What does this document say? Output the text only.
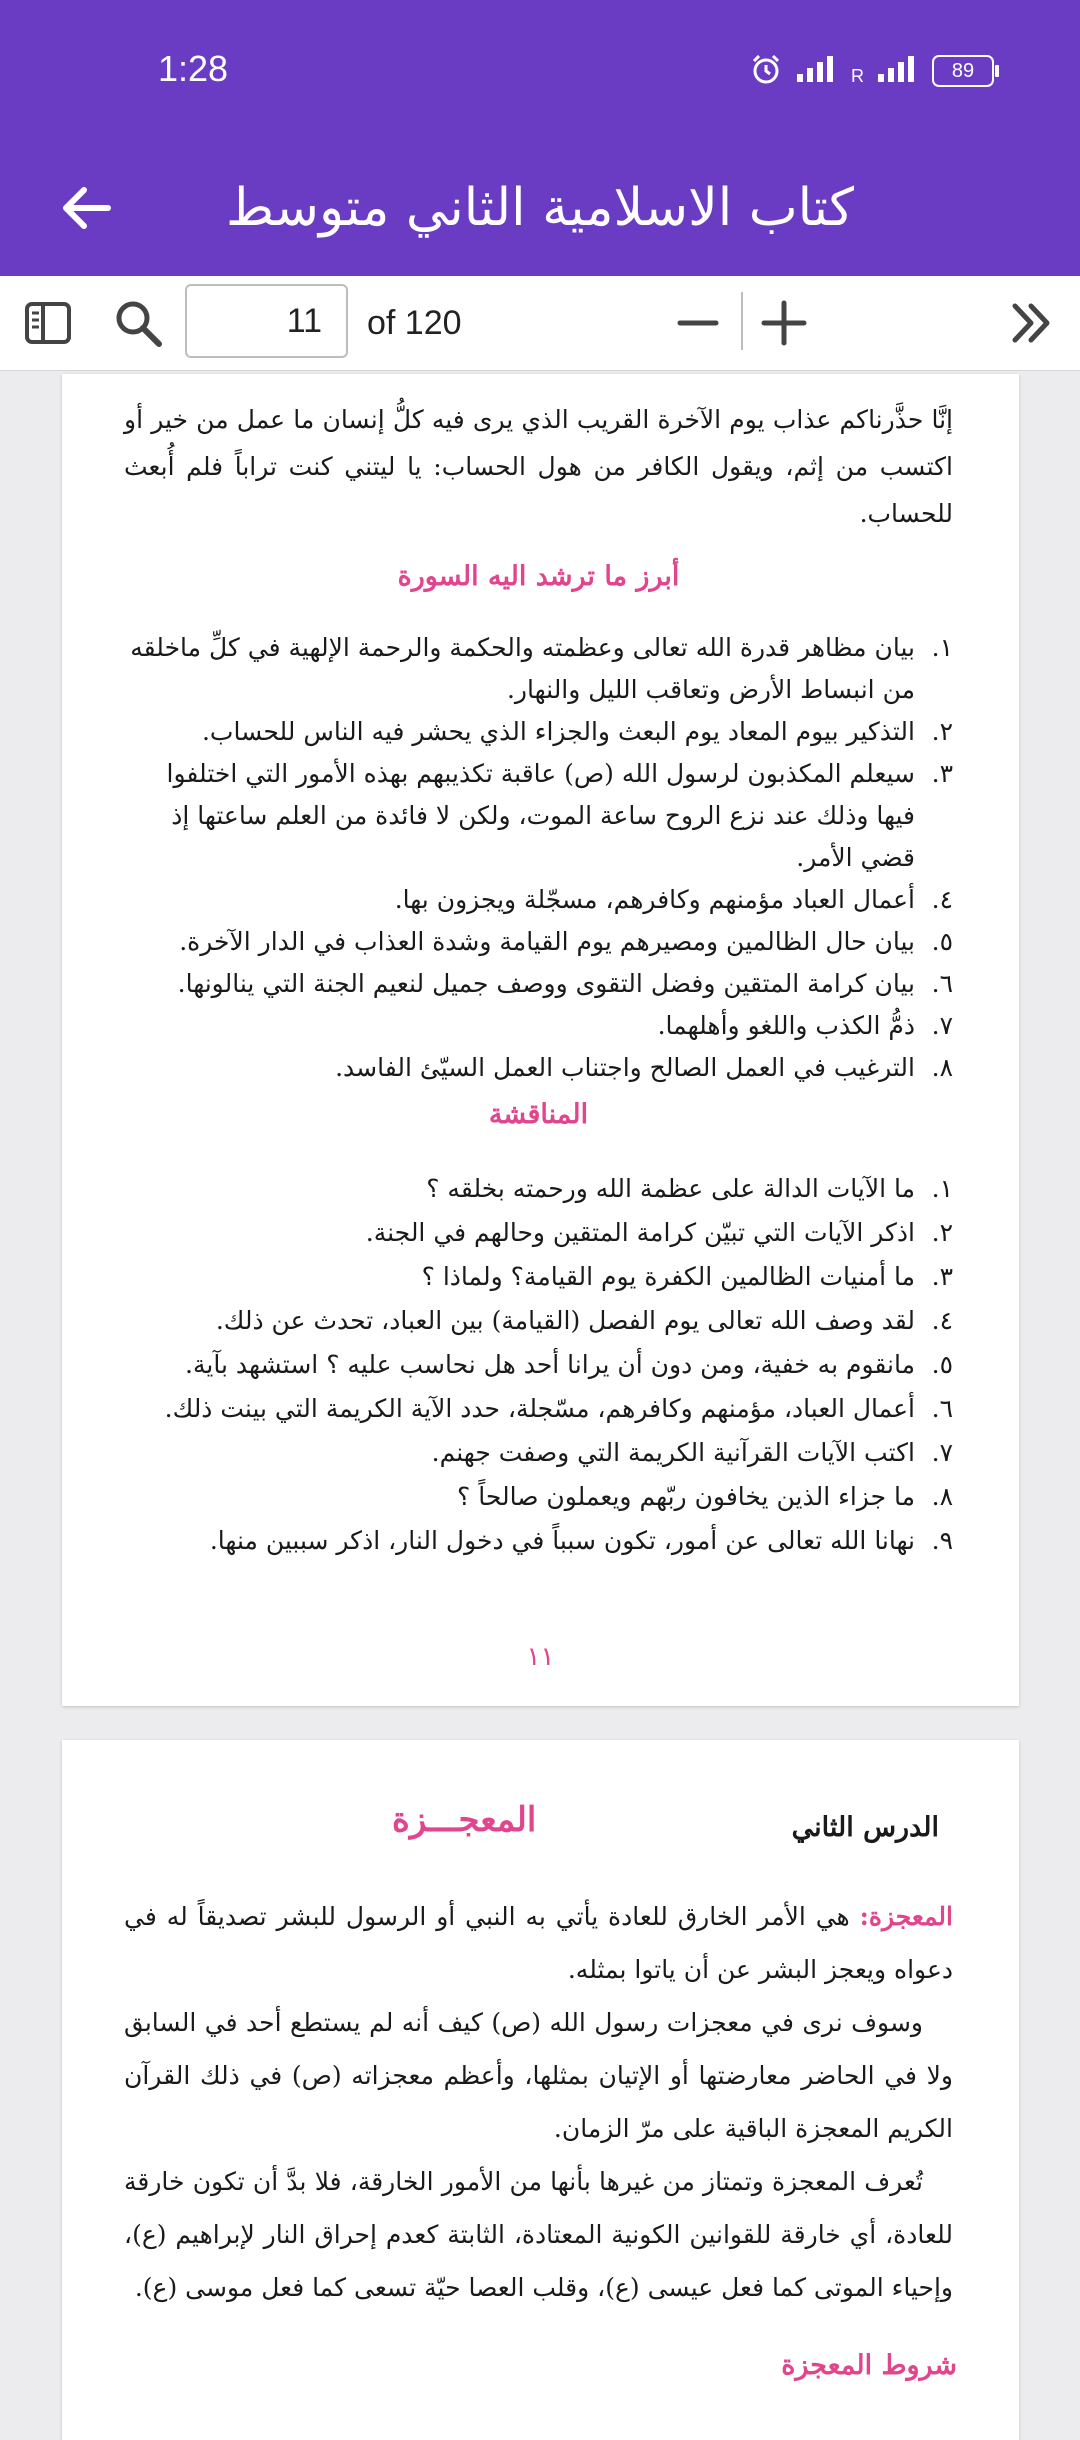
1:28	R	89
كتاب الاسلامية الثاني متوسط
11	of 120

إنَّا حذَّرناكم عذاب يوم الآخرة القريب الذي يرى فيه كلُّ إنسان ما عمل من خير أو اكتسب من إثم، ويقول الكافر من هول الحساب: يا ليتني كنت تراباً فلم أُبعث للحساب.

أبرز ما ترشد اليه السورة

١.
بيان مظاهر قدرة الله تعالى وعظمته والحكمة والرحمة الإلهية في كلِّ ماخلقه من انبساط الأرض وتعاقب الليل والنهار.
٢.
التذكير بيوم المعاد يوم البعث والجزاء الذي يحشر فيه الناس للحساب.
٣.
سيعلم المكذبون لرسول الله (ص) عاقبة تكذيبهم بهذه الأمور التي اختلفوا فيها وذلك عند نزع الروح ساعة الموت، ولكن لا فائدة من العلم ساعتها إذ قضي الأمر.
٤.
أعمال العباد مؤمنهم وكافرهم، مسجّلة ويجزون بها.
٥.
بيان حال الظالمين ومصيرهم يوم القيامة وشدة العذاب في الدار الآخرة.
٦.
بيان كرامة المتقين وفضل التقوى ووصف جميل لنعيم الجنة التي ينالونها.
٧.
ذمُّ الكذب واللغو وأهلهما.
٨.
الترغيب في العمل الصالح واجتناب العمل السيّئ الفاسد.

المناقشة

١.
ما الآيات الدالة على عظمة الله ورحمته بخلقه ؟
٢.
اذكر الآيات التي تبيّن كرامة المتقين وحالهم في الجنة.
٣.
ما أمنيات الظالمين الكفرة يوم القيامة؟ ولماذا ؟
٤.
لقد وصف الله تعالى يوم الفصل (القيامة) بين العباد، تحدث عن ذلك.
٥.
مانقوم به خفية، ومن دون أن يرانا أحد هل نحاسب عليه ؟ استشهد بآية.
٦.
أعمال العباد، مؤمنهم وكافرهم، مسّجلة، حدد الآية الكريمة التي بينت ذلك.
٧.
اكتب الآيات القرآنية الكريمة التي وصفت جهنم.
٨.
ما جزاء الذين يخافون ربّهم ويعملون صالحاً ؟
٩.
نهانا الله تعالى عن أمور، تكون سبباً في دخول النار، اذكر سببين منها.
١١
الدرس الثاني
المعجـــزة

المعجزة: هي الأمر الخارق للعادة يأتي به النبي أو الرسول للبشر تصديقاً له في دعواه ويعجز البشر عن أن ياتوا بمثله.

وسوف نرى في معجزات رسول الله (ص) كيف أنه لم يستطع أحد في السابق ولا في الحاضر معارضتها أو الإتيان بمثلها، وأعظم معجزاته (ص) في ذلك القرآن الكريم المعجزة الباقية على مرّ الزمان.

تُعرف المعجزة وتمتاز من غيرها بأنها من الأمور الخارقة، فلا بدَّ أن تكون خارقة للعادة، أي خارقة للقوانين الكونية المعتادة، الثابتة كعدم إحراق النار لإبراهيم (ع)، وإحياء الموتى كما فعل عيسى (ع)، وقلب العصا حيّة تسعى كما فعل موسى (ع).

شروط المعجزة
